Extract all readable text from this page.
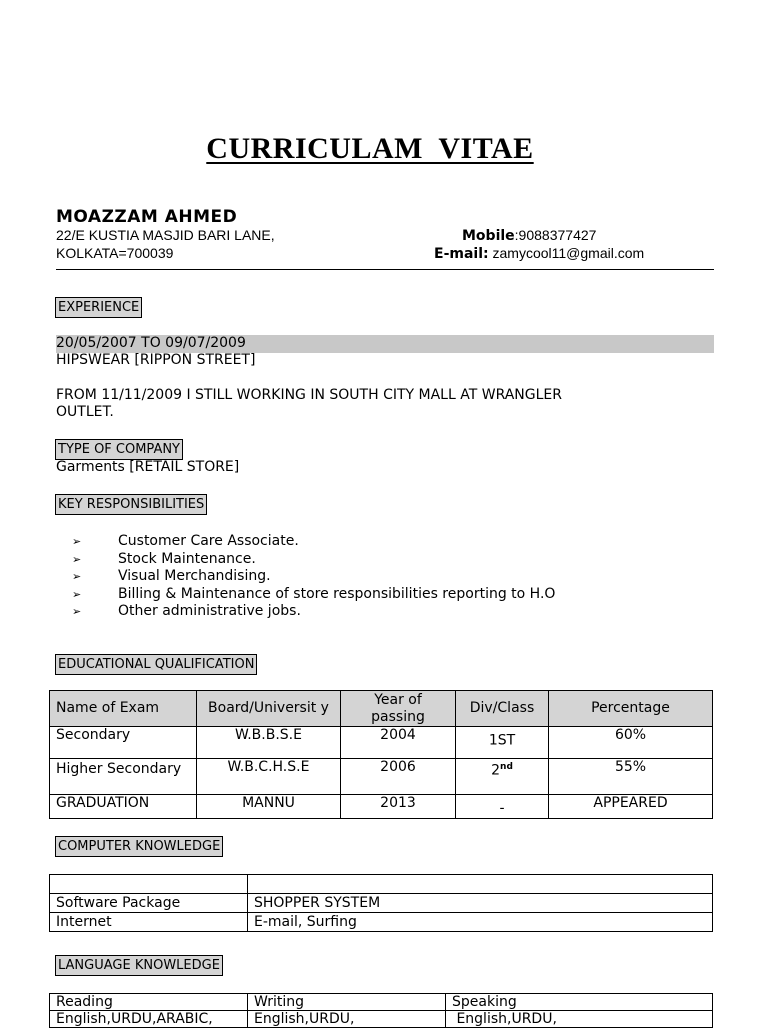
CURRICULAM  VITAE
MOAZZAM AHMED
22/E KUSTIA MASJID BARI LANE,
KOLKATA=700039
Mobile:9088377427
E-mail: zamycool11@gmail.com
EXPERIENCE
20/05/2007 TO 09/07/2009
HIPSWEAR [RIPPON STREET]
FROM 11/11/2009 I STILL WORKING IN SOUTH CITY MALL AT WRANGLER
OUTLET.
TYPE OF COMPANY
Garments [RETAIL STORE]
KEY RESPONSIBILITIES
➢	Customer Care Associate.
➢	Stock Maintenance.
➢	Visual Merchandising.
➢	Billing & Maintenance of store responsibilities reporting to H.O
➢	Other administrative jobs.
EDUCATIONAL QUALIFICATION
Name of Exam	Board/Universit y	Year of passing	Div/Class	Percentage
Secondary	W.B.B.S.E	2004	1ST	60%
Higher Secondary	W.B.C.H.S.E	2006	2nd	55%
GRADUATION	MANNU	2013	-	APPEARED
COMPUTER KNOWLEDGE

Software Package	SHOPPER SYSTEM
Internet	E-mail, Surfing
LANGUAGE KNOWLEDGE
Reading	Writing	Speaking
English,URDU,ARABIC,	English,URDU,	English,URDU,
